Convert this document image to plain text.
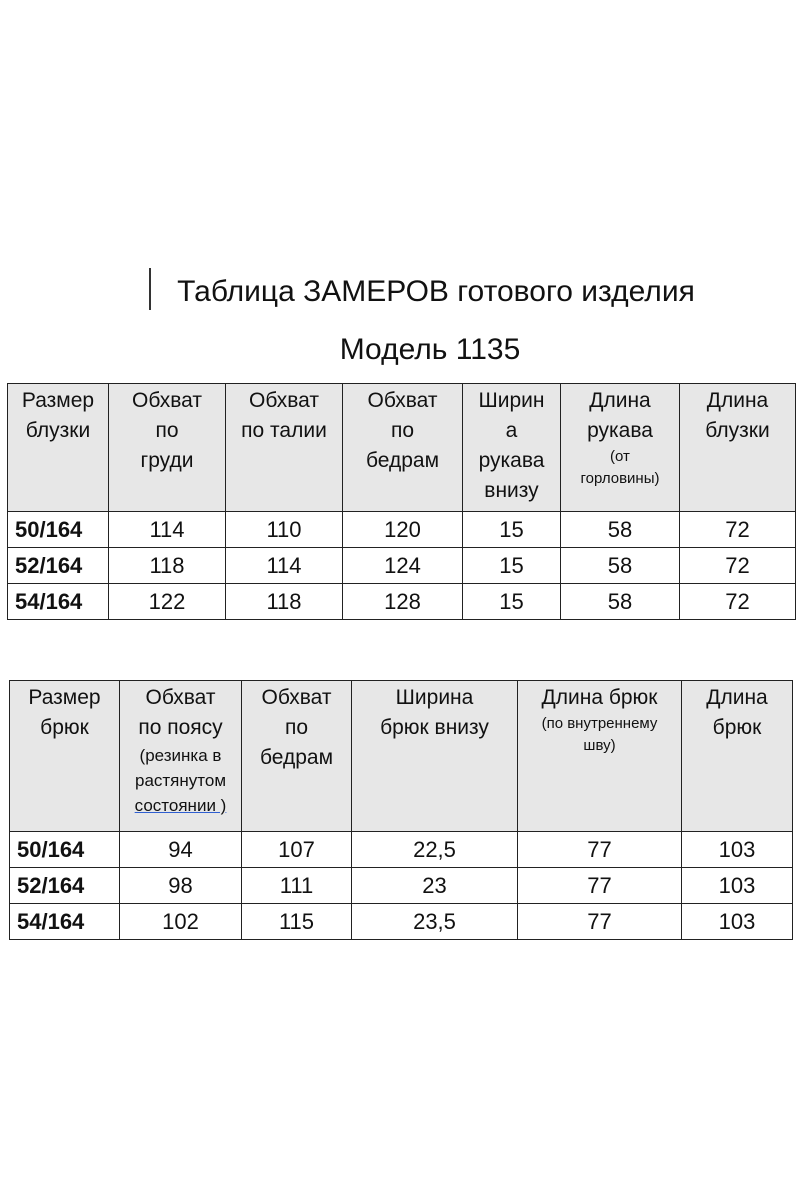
Таблица ЗАМЕРОВ готового изделия
Модель 1135
Размер
блузки	Обхват
по
груди	Обхват
по талии	Обхват
по
бедрам	Ширин
а
рукава
внизу	Длина
рукава
(от
горловины)	Длина
блузки
50/164	114	110	120	15	58	72
52/164	118	114	124	15	58	72
54/164	122	118	128	15	58	72
Размер
брюк	Обхват
по поясу
(резинка в
растянутом
состоянии )	Обхват
по
бедрам	Ширина
брюк внизу	Длина брюк
(по внутреннему
шву)	Длина
брюк
50/164	94	107	22,5	77	103
52/164	98	111	23	77	103
54/164	102	115	23,5	77	103
